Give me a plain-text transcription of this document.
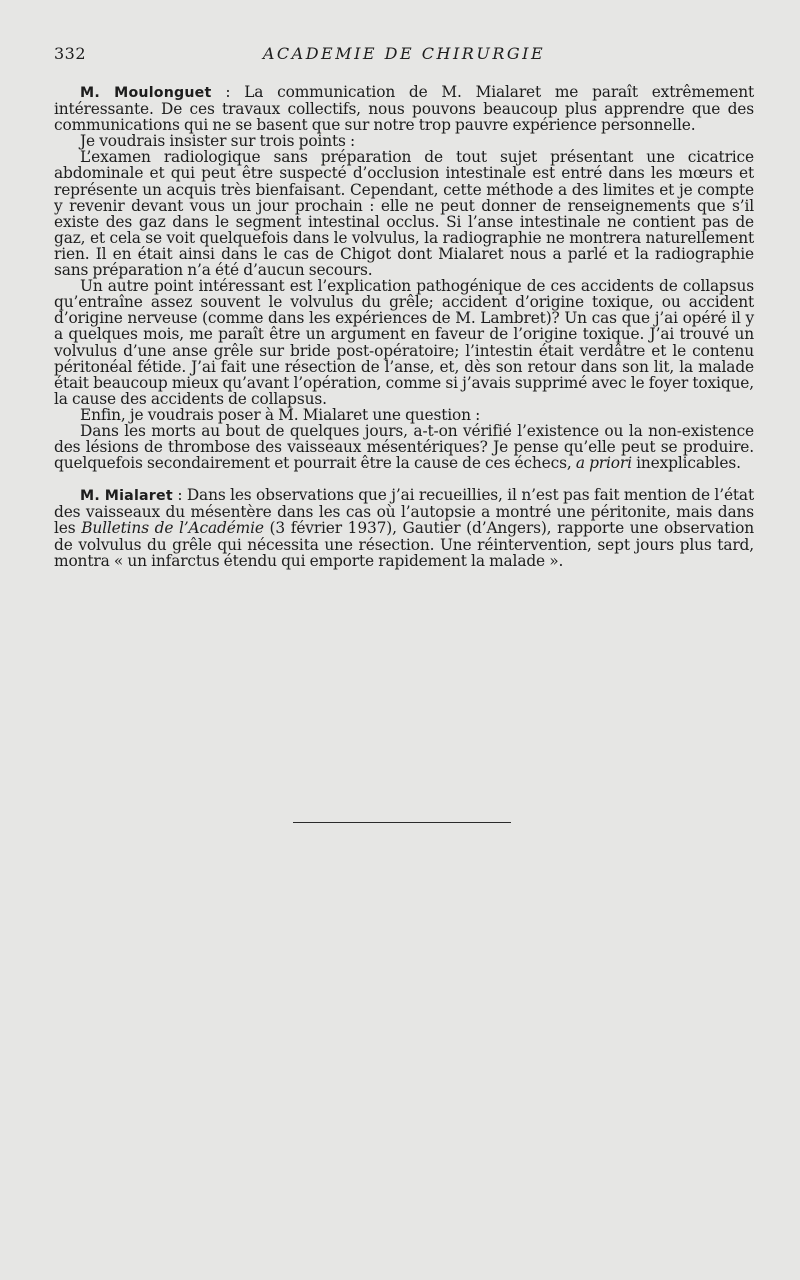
332	ACADEMIE DE CHIRURGIE

M. Moulonguet : La communication de M. Mialaret me paraît extrêmement intéressante. De ces travaux collectifs, nous pouvons beaucoup plus apprendre que des communications qui ne se basent que sur notre trop pauvre expérience personnelle.

Je voudrais insister sur trois points :

L’examen radiologique sans préparation de tout sujet présentant une cicatrice abdominale et qui peut être suspecté d’occlusion intestinale est entré dans les mœurs et représente un acquis très bienfaisant. Cependant, cette méthode a des limites et je compte y revenir devant vous un jour prochain : elle ne peut donner de renseignements que s’il existe des gaz dans le segment intestinal occlus. Si l’anse intestinale ne contient pas de gaz, et cela se voit quelquefois dans le volvulus, la radiographie ne montrera naturellement rien. Il en était ainsi dans le cas de Chigot dont Mialaret nous a parlé et la radiographie sans préparation n’a été d’aucun secours.

Un autre point intéressant est l’explication pathogénique de ces accidents de collapsus qu’entraîne assez souvent le volvulus du grêle; accident d’origine toxique, ou accident d’origine nerveuse (comme dans les expériences de M. Lambret)? Un cas que j’ai opéré il y a quelques mois, me paraît être un argument en faveur de l’origine toxique. J’ai trouvé un volvulus d’une anse grêle sur bride post-opératoire; l’intestin était verdâtre et le contenu péritonéal fétide. J’ai fait une résection de l’anse, et, dès son retour dans son lit, la malade était beaucoup mieux qu’avant l’opération, comme si j’avais supprimé avec le foyer toxique, la cause des accidents de collapsus.

Enfin, je voudrais poser à M. Mialaret une question :

Dans les morts au bout de quelques jours, a-t-on vérifié l’existence ou la non-existence des lésions de thrombose des vaisseaux mésentériques? Je pense qu’elle peut se produire. quelquefois secondairement et pourrait être la cause de ces échecs, a priori inexplicables.

M. Mialaret : Dans les observations que j’ai recueillies, il n’est pas fait mention de l’état des vaisseaux du mésentère dans les cas où l’autopsie a montré une péritonite, mais dans les Bulletins de l’Académie (3 février 1937), Gautier (d’Angers), rapporte une observation de volvulus du grêle qui nécessita une résection. Une réintervention, sept jours plus tard, montra « un infarctus étendu qui emporte rapidement la malade ».
